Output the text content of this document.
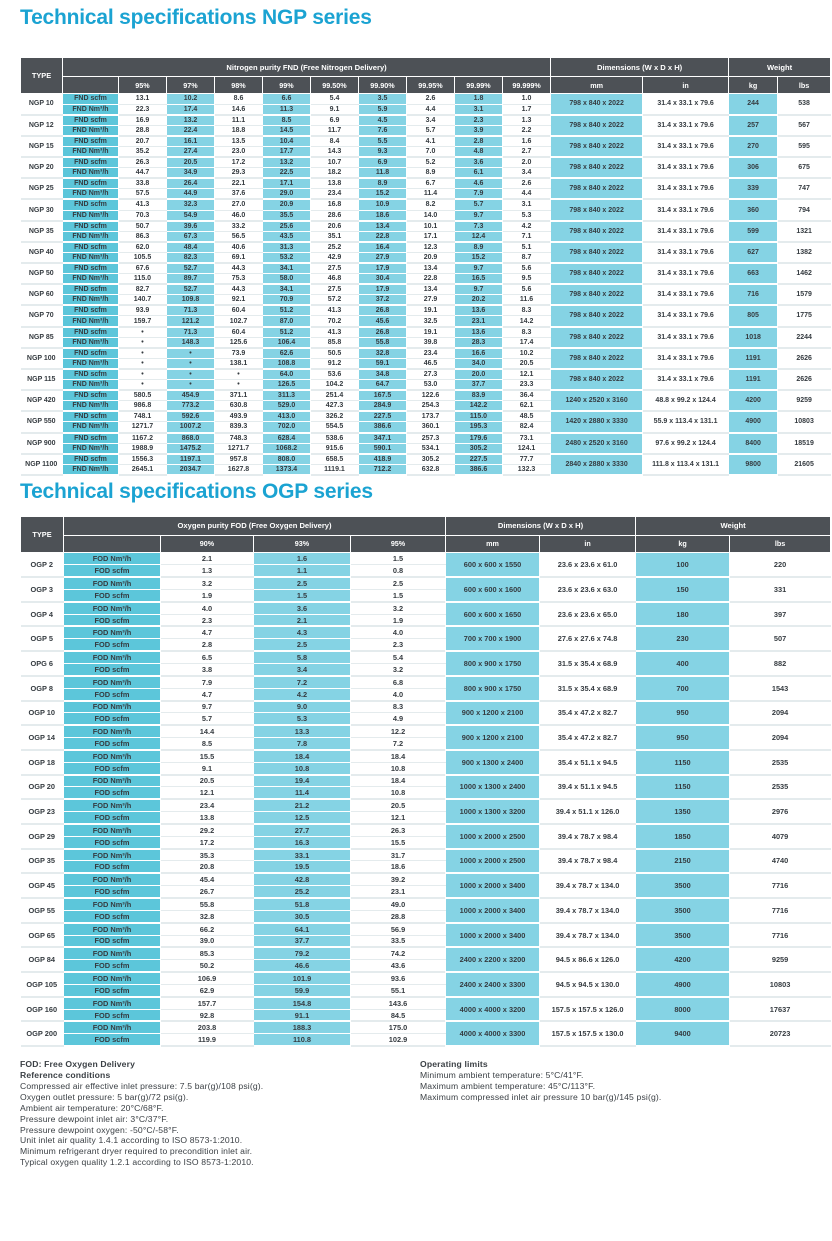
Technical specifications NGP series
TYPE	Nitrogen purity FND (Free Nitrogen Delivery)										Dimensions (W x D x H)		Weight	
		95%	97%	98%	99%	99.50%	99.90%	99.95%	99.99%	99.999%	mm	in	kg	lbs
NGP 10	FND scfm	13.1	10.2	8.6	6.6	5.4	3.5	2.6	1.8	1.0	798 x 840 x 2022	31.4 x 33.1 x 79.6	244	538
	FND Nm³/h	22.3	17.4	14.6	11.3	9.1	5.9	4.4	3.1	1.7				
NGP 12	FND scfm	16.9	13.2	11.1	8.5	6.9	4.5	3.4	2.3	1.3	798 x 840 x 2022	31.4 x 33.1 x 79.6	257	567
	FND Nm³/h	28.8	22.4	18.8	14.5	11.7	7.6	5.7	3.9	2.2				
NGP 15	FND scfm	20.7	16.1	13.5	10.4	8.4	5.5	4.1	2.8	1.6	798 x 840 x 2022	31.4 x 33.1 x 79.6	270	595
	FND Nm³/h	35.2	27.4	23.0	17.7	14.3	9.3	7.0	4.8	2.7				
NGP 20	FND scfm	26.3	20.5	17.2	13.2	10.7	6.9	5.2	3.6	2.0	798 x 840 x 2022	31.4 x 33.1 x 79.6	306	675
	FND Nm³/h	44.7	34.9	29.3	22.5	18.2	11.8	8.9	6.1	3.4				
NGP 25	FND scfm	33.8	26.4	22.1	17.1	13.8	8.9	6.7	4.6	2.6	798 x 840 x 2022	31.4 x 33.1 x 79.6	339	747
	FND Nm³/h	57.5	44.9	37.6	29.0	23.4	15.2	11.4	7.9	4.4				
NGP 30	FND scfm	41.3	32.3	27.0	20.9	16.8	10.9	8.2	5.7	3.1	798 x 840 x 2022	31.4 x 33.1 x 79.6	360	794
	FND Nm³/h	70.3	54.9	46.0	35.5	28.6	18.6	14.0	9.7	5.3				
NGP 35	FND scfm	50.7	39.6	33.2	25.6	20.6	13.4	10.1	7.3	4.2	798 x 840 x 2022	31.4 x 33.1 x 79.6	599	1321
	FND Nm³/h	86.3	67.3	56.5	43.5	35.1	22.8	17.1	12.4	7.1				
NGP 40	FND scfm	62.0	48.4	40.6	31.3	25.2	16.4	12.3	8.9	5.1	798 x 840 x 2022	31.4 x 33.1 x 79.6	627	1382
	FND Nm³/h	105.5	82.3	69.1	53.2	42.9	27.9	20.9	15.2	8.7				
NGP 50	FND scfm	67.6	52.7	44.3	34.1	27.5	17.9	13.4	9.7	5.6	798 x 840 x 2022	31.4 x 33.1 x 79.6	663	1462
	FND Nm³/h	115.0	89.7	75.3	58.0	46.8	30.4	22.8	16.5	9.5				
NGP 60	FND scfm	82.7	52.7	44.3	34.1	27.5	17.9	13.4	9.7	5.6	798 x 840 x 2022	31.4 x 33.1 x 79.6	716	1579
	FND Nm³/h	140.7	109.8	92.1	70.9	57.2	37.2	27.9	20.2	11.6				
NGP 70	FND scfm	93.9	71.3	60.4	51.2	41.3	26.8	19.1	13.6	8.3	798 x 840 x 2022	31.4 x 33.1 x 79.6	805	1775
	FND Nm³/h	159.7	121.2	102.7	87.0	70.2	45.6	32.5	23.1	14.2				
NGP 85	FND scfm	•	71.3	60.4	51.2	41.3	26.8	19.1	13.6	8.3	798 x 840 x 2022	31.4 x 33.1 x 79.6	1018	2244
	FND Nm³/h	•	148.3	125.6	106.4	85.8	55.8	39.8	28.3	17.4				
NGP 100	FND scfm	•	•	73.9	62.6	50.5	32.8	23.4	16.6	10.2	798 x 840 x 2022	31.4 x 33.1 x 79.6	1191	2626
	FND Nm³/h	•	•	138.1	108.8	91.2	59.1	46.5	34.0	20.5				
NGP 115	FND scfm	•	•	•	64.0	53.6	34.8	27.3	20.0	12.1	798 x 840 x 2022	31.4 x 33.1 x 79.6	1191	2626
	FND Nm³/h	•	•	•	126.5	104.2	64.7	53.0	37.7	23.3				
NGP 420	FND scfm	580.5	454.9	371.1	311.3	251.4	167.5	122.6	83.9	36.4	1240 x 2520 x 3160	48.8 x 99.2 x 124.4	4200	9259
	FND Nm³/h	986.8	773.2	630.8	529.0	427.3	284.9	254.3	142.2	62.1				
NGP 550	FND scfm	748.1	592.6	493.9	413.0	326.2	227.5	173.7	115.0	48.5	1420 x 2880 x 3330	55.9 x 113.4 x 131.1	4900	10803
	FND Nm³/h	1271.7	1007.2	839.3	702.0	554.5	386.6	360.1	195.3	82.4				
NGP 900	FND scfm	1167.2	868.0	748.3	628.4	538.6	347.1	257.3	179.6	73.1	2480 x 2520 x 3160	97.6 x 99.2 x 124.4	8400	18519
	FND Nm³/h	1988.9	1475.2	1271.7	1068.2	915.6	590.1	534.1	305.2	124.1				
NGP 1100	FND scfm	1556.3	1197.1	957.8	808.0	658.5	418.9	305.2	227.5	77.7	2840 x 2880 x 3330	111.8 x 113.4 x 131.1	9800	21605
	FND Nm³/h	2645.1	2034.7	1627.8	1373.4	1119.1	712.2	632.8	386.6	132.3				
Technical specifications OGP series
TYPE	Oxygen purity FOD (Free Oxygen Delivery)				Dimensions (W x D x H)		Weight	
		90%	93%	95%	mm	in	kg	lbs
OGP 2	FOD Nm³/h	2.1	1.6	1.5	600 x 600 x 1550	23.6 x 23.6 x 61.0	100	220
	FOD scfm	1.3	1.1	0.8				
OGP 3	FOD Nm³/h	3.2	2.5	2.5	600 x 600 x 1600	23.6 x 23.6 x 63.0	150	331
	FOD scfm	1.9	1.5	1.5				
OGP 4	FOD Nm³/h	4.0	3.6	3.2	600 x 600 x 1650	23.6 x 23.6 x 65.0	180	397
	FOD scfm	2.3	2.1	1.9				
OGP 5	FOD Nm³/h	4.7	4.3	4.0	700 x 700 x 1900	27.6 x 27.6 x 74.8	230	507
	FOD scfm	2.8	2.5	2.3				
OPG 6	FOD Nm³/h	6.5	5.8	5.4	800 x 900 x 1750	31.5 x 35.4 x 68.9	400	882
	FOD scfm	3.8	3.4	3.2				
OGP 8	FOD Nm³/h	7.9	7.2	6.8	800 x 900 x 1750	31.5 x 35.4 x 68.9	700	1543
	FOD scfm	4.7	4.2	4.0				
OGP 10	FOD Nm³/h	9.7	9.0	8.3	900 x 1200 x 2100	35.4 x 47.2 x 82.7	950	2094
	FOD scfm	5.7	5.3	4.9				
OGP 14	FOD Nm³/h	14.4	13.3	12.2	900 x 1200 x 2100	35.4 x 47.2 x 82.7	950	2094
	FOD scfm	8.5	7.8	7.2				
OGP 18	FOD Nm³/h	15.5	18.4	18.4	900 x 1300 x 2400	35.4 x 51.1 x 94.5	1150	2535
	FOD scfm	9.1	10.8	10.8				
OGP 20	FOD Nm³/h	20.5	19.4	18.4	1000 x 1300 x 2400	39.4 x 51.1 x 94.5	1150	2535
	FOD scfm	12.1	11.4	10.8				
OGP 23	FOD Nm³/h	23.4	21.2	20.5	1000 x 1300 x 3200	39.4 x 51.1 x 126.0	1350	2976
	FOD scfm	13.8	12.5	12.1				
OGP 29	FOD Nm³/h	29.2	27.7	26.3	1000 x 2000 x 2500	39.4 x 78.7 x 98.4	1850	4079
	FOD scfm	17.2	16.3	15.5				
OGP 35	FOD Nm³/h	35.3	33.1	31.7	1000 x 2000 x 2500	39.4 x 78.7 x 98.4	2150	4740
	FOD scfm	20.8	19.5	18.6				
OGP 45	FOD Nm³/h	45.4	42.8	39.2	1000 x 2000 x 3400	39.4 x 78.7 x 134.0	3500	7716
	FOD scfm	26.7	25.2	23.1				
OGP 55	FOD Nm³/h	55.8	51.8	49.0	1000 x 2000 x 3400	39.4 x 78.7 x 134.0	3500	7716
	FOD scfm	32.8	30.5	28.8				
OGP 65	FOD Nm³/h	66.2	64.1	56.9	1000 x 2000 x 3400	39.4 x 78.7 x 134.0	3500	7716
	FOD scfm	39.0	37.7	33.5				
OGP 84	FOD Nm³/h	85.3	79.2	74.2	2400 x 2200 x 3200	94.5 x 86.6 x 126.0	4200	9259
	FOD scfm	50.2	46.6	43.6				
OGP 105	FOD Nm³/h	106.9	101.9	93.6	2400 x 2400 x 3300	94.5 x 94.5 x 130.0	4900	10803
	FOD scfm	62.9	59.9	55.1				
OGP 160	FOD Nm³/h	157.7	154.8	143.6	4000 x 4000 x 3200	157.5 x 157.5 x 126.0	8000	17637
	FOD scfm	92.8	91.1	84.5				
OGP 200	FOD Nm³/h	203.8	188.3	175.0	4000 x 4000 x 3300	157.5 x 157.5 x 130.0	9400	20723
	FOD scfm	119.9	110.8	102.9				
FOD: Free Oxygen Delivery
Reference conditions
Compressed air effective inlet pressure: 7.5 bar(g)/108 psi(g).
Oxygen outlet pressure: 5 bar(g)/72 psi(g).
Ambient air temperature: 20°C/68°F.
Pressure dewpoint inlet air: 3°C/37°F.
Pressure dewpoint oxygen: -50°C/-58°F.
Unit inlet air quality 1.4.1 according to ISO 8573-1:2010.
Minimum refrigerant dryer required to precondition inlet air.
Typical oxygen quality 1.2.1 according to ISO 8573-1:2010.
Operating limits
Minimum ambient temperature: 5°C/41°F.
Maximum ambient temperature: 45°C/113°F.
Maximum compressed inlet air pressure 10 bar(g)/145 psi(g).
